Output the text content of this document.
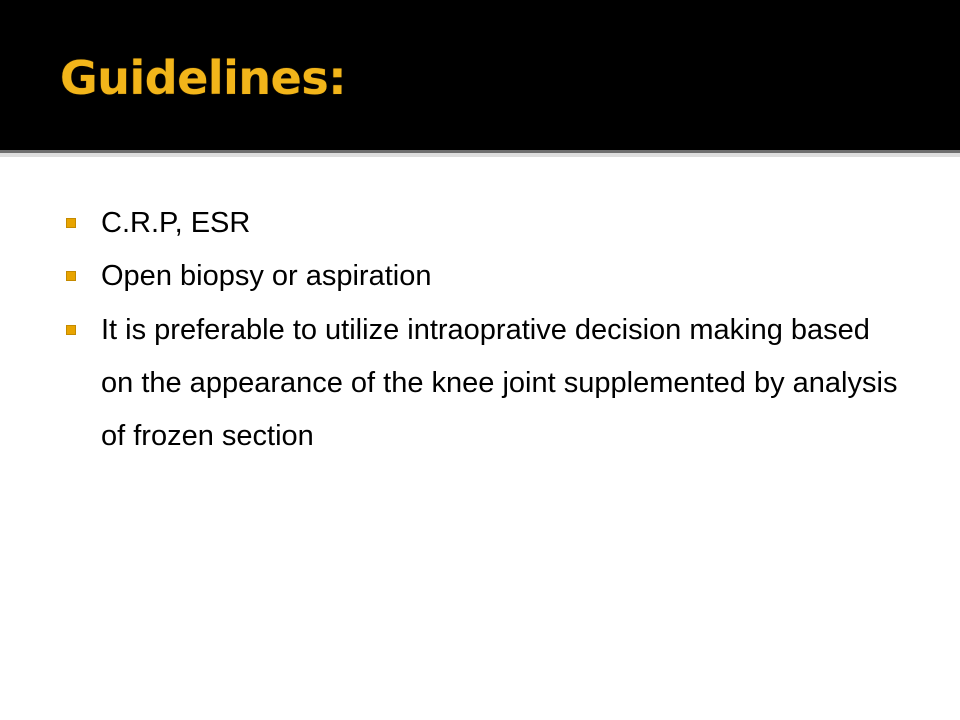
Guidelines:
C.R.P, ESR
Open biopsy or aspiration
It is preferable to utilize intraoprative decision making based on the appearance of the knee joint supplemented by analysis of frozen section
